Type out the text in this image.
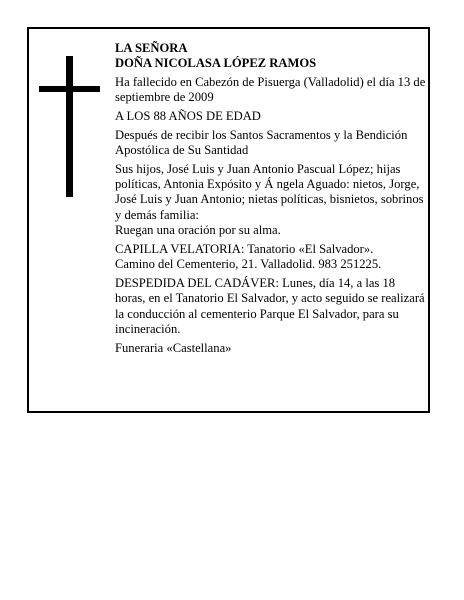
LA SEÑORA

DOÑA NICOLASA LÓPEZ RAMOS

Ha fallecido en Cabezón de Pisuerga (Valladolid) el día 13 de septiembre de 2009

A LOS 88 AÑOS DE EDAD

Después de recibir los Santos Sacramentos y la Bendición Apostólica de Su Santidad

Sus hijos, José Luis y Juan Antonio Pascual López; hijas políticas, Antonia Expósito y Á ngela Aguado: nietos, Jorge, José Luis y Juan Antonio; nietas políticas, bisnietos, sobrinos y demás familia:

Ruegan una oración por su alma.

CAPILLA VELATORIA: Tanatorio «El Salvador».

Camino del Cementerio, 21. Valladolid. 983 251225.

DESPEDIDA DEL CADÁVER: Lunes, día 14, a las 18 horas, en el Tanatorio El Salvador, y acto seguido se realizará la conducción al cementerio Parque El Salvador, para su incineración.

Funeraria «Castellana»
